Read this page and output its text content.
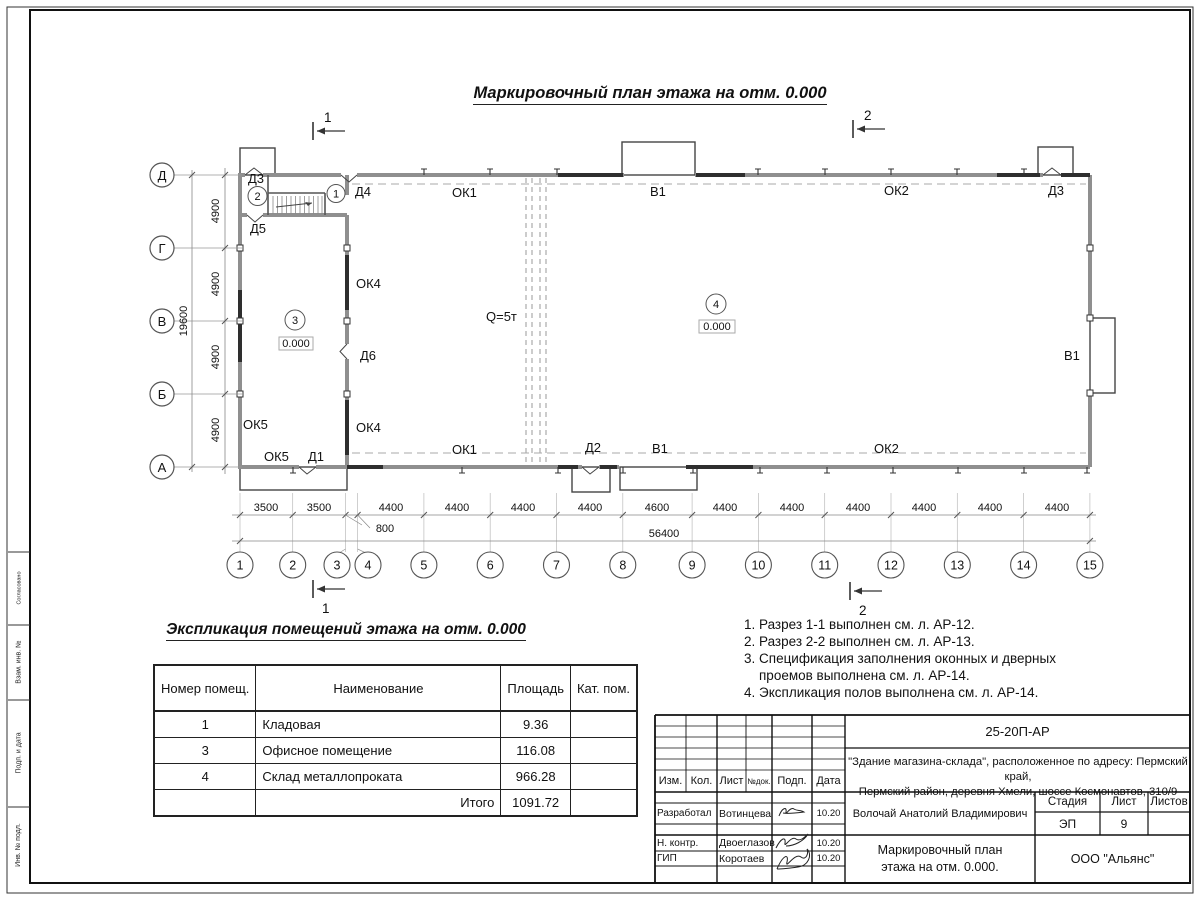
Д
Г
В
Б
А
4900
4900
4900
4900
19600
3500	3500
800
4400	4400	4400	4400	4600	4400	4400	4400	4400	4400	4400
56400
1	2	3 4	5	6	7	8	9	10	11	12	13	14	15
1	2
1	2
2	1
3
4
0.000
0.000
Д3
Д4	ОК1	В1	ОК2	Д3
Д5
ОК4
Д6
ОК4
ОК5
ОК5 Д1	ОК1	Д2	В1	ОК2
В1
Q=5т
Маркировочный план этажа на отм. 0.000
Экспликация помещений этажа на отм. 0.000
Номер помещ.	Наименование	Площадь	Кат. пом.
1	Кладовая	9.36	
3	Офисное помещение	116.08	
4	Склад металлопроката	966.28	
	Итого	1091.72	
1. Разрез 1-1 выполнен см. л. АР-12.
2. Разрез 2-2 выполнен см. л. АР-13.
3. Спецификация заполнения оконных и дверных
проемов выполнена см. л. АР-14.
4. Экспликация полов выполнена см. л. АР-14.
25-20П-АР
"Здание магазина-склада", расположенное по адресу: Пермский край,
Пермский район, деревня Хмели, шоссе Космонавтов, 310/9
Изм. Кол. Лист №док. Подп. Дата
Разработал Вотинцева	10.20
Н. контр.	Двоеглазов	10.20
ГИП	Коротаев	10.20
Волочай Анатолий Владимирович
Стадия	Лист	Листов
ЭП	9
Маркировочный план
этажа на отм. 0.000.
ООО "Альянс"
Согласовано
Взам. инв. №
Подп. и дата
Инв. № подл.
